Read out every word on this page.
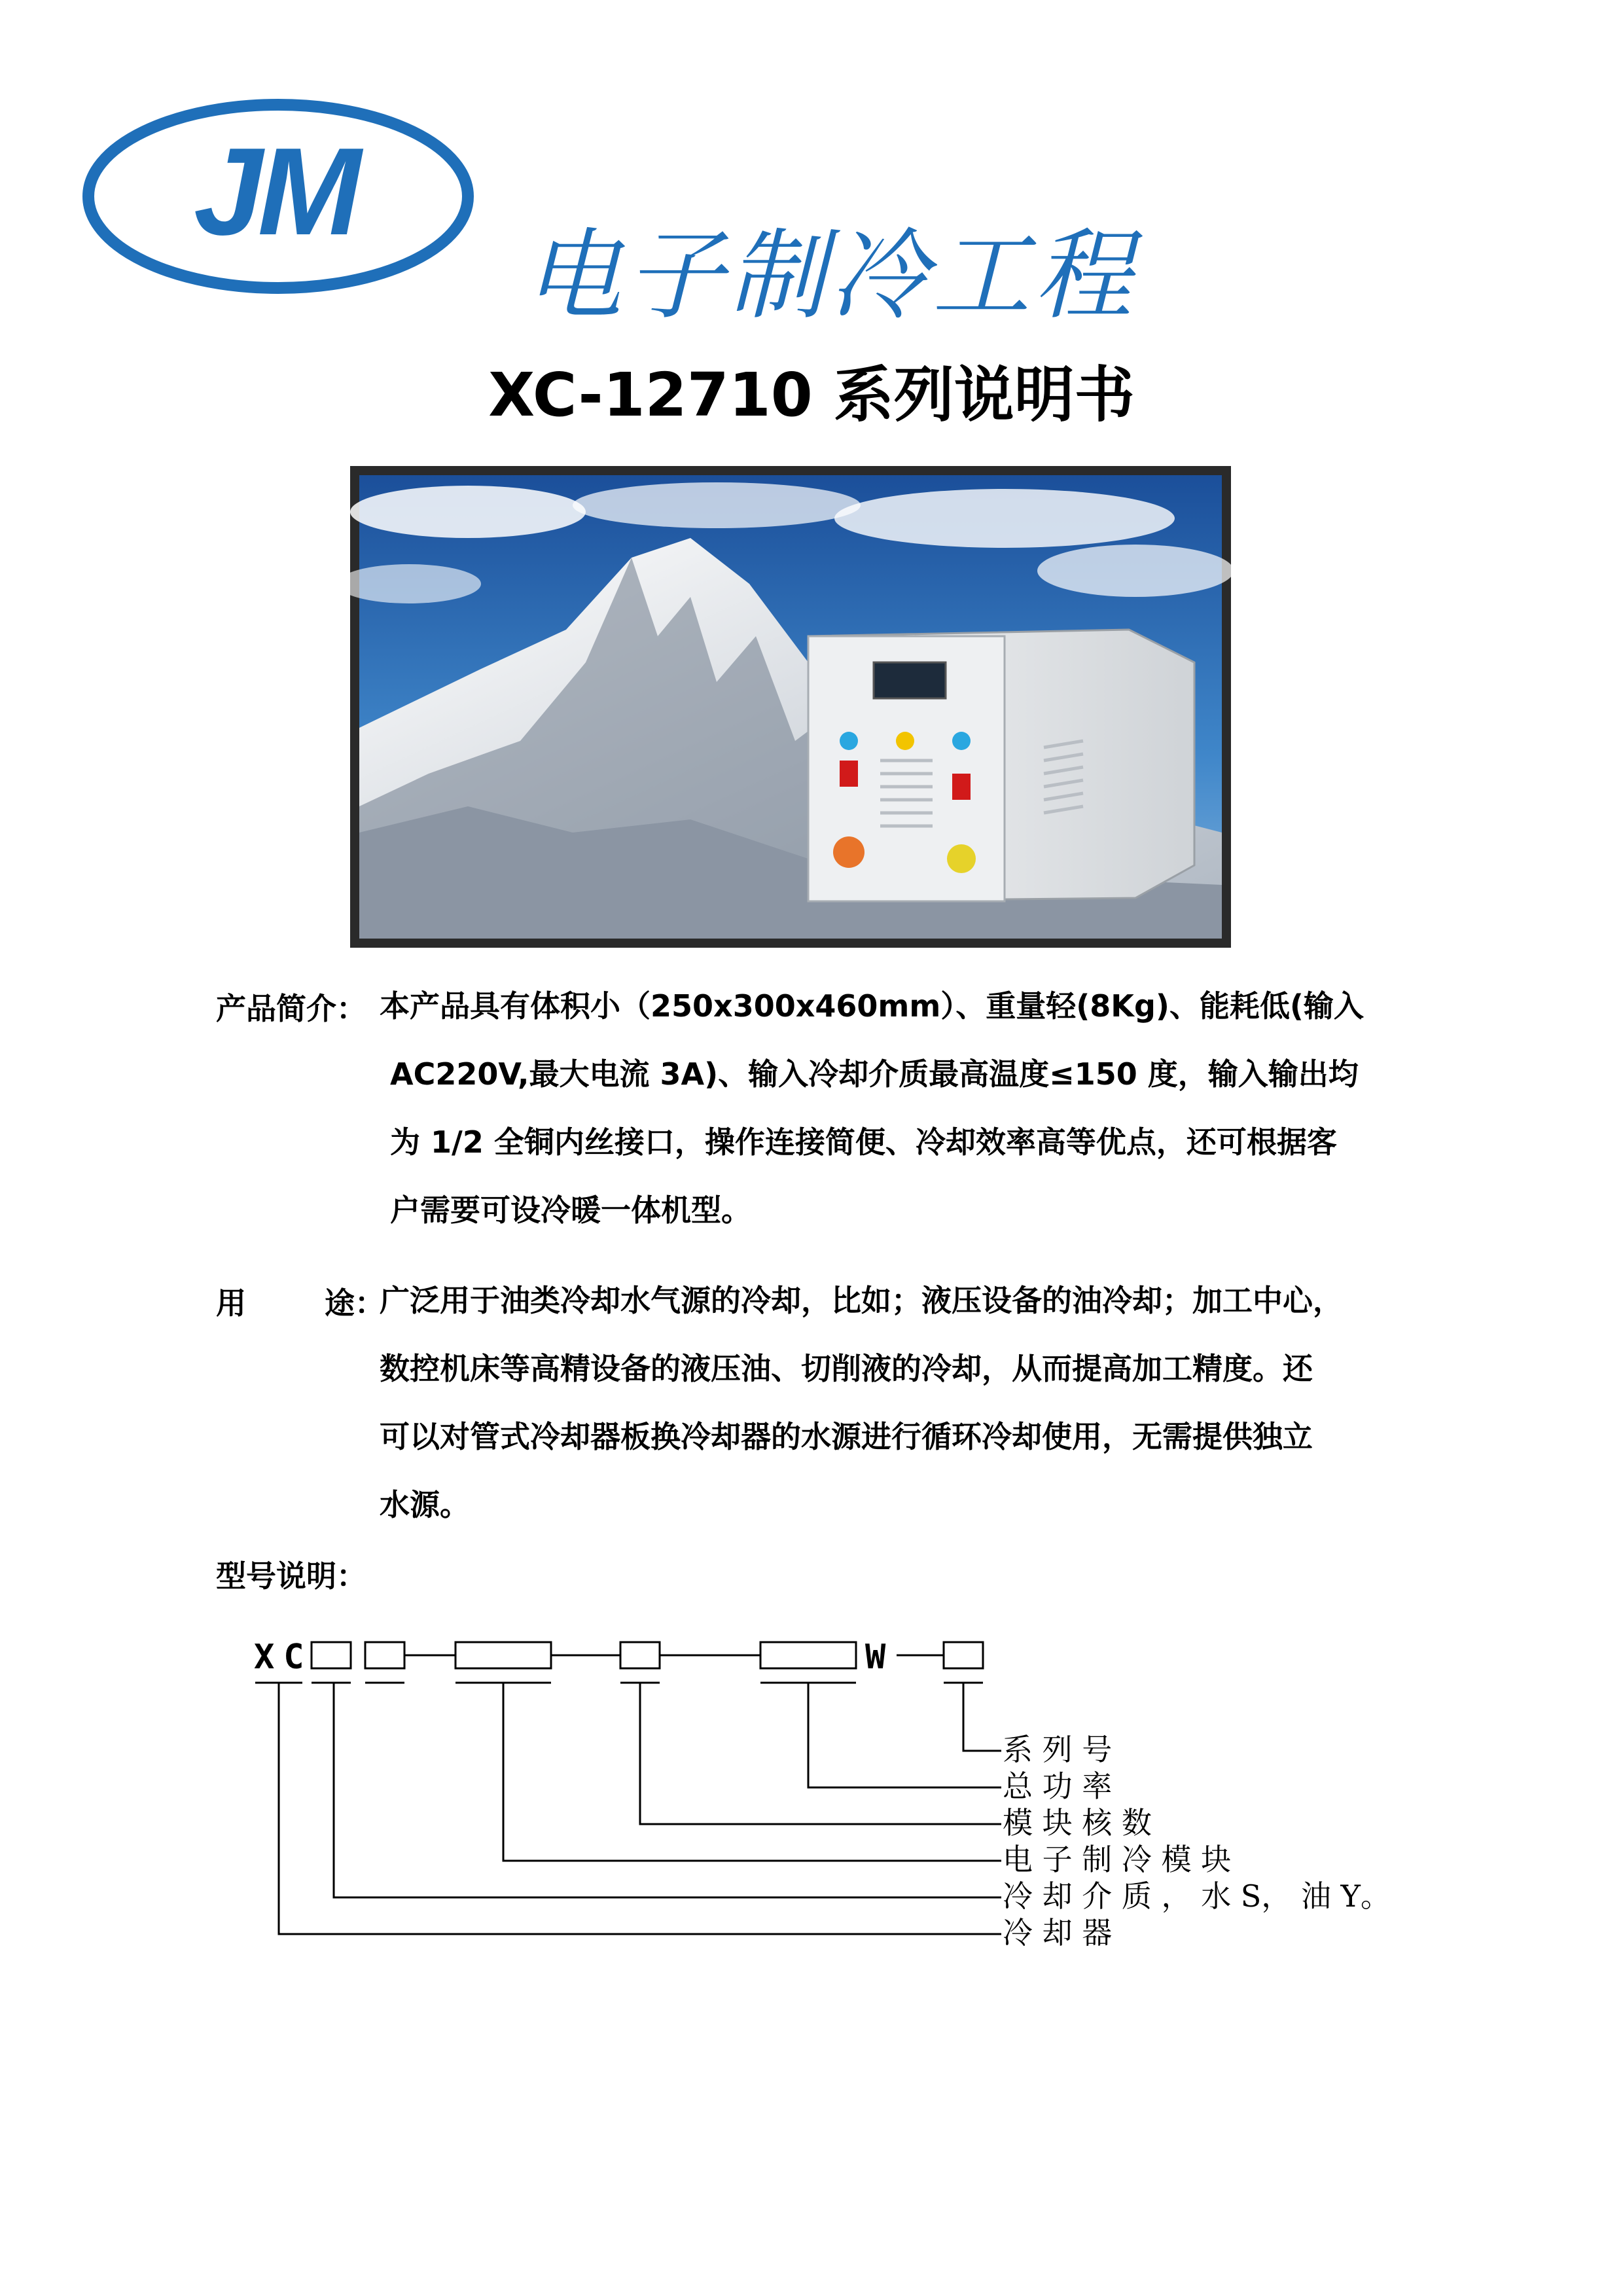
JM
电子制冷工程
XC-12710 系列说明书
产品简介： 本产品具有体积小（250x300x460mm）、重量轻(8Kg)、能耗低(输入
AC220V,最大电流 3A)、输入冷却介质最高温度≤150 度，输入输出均
为 1/2 全铜内丝接口，操作连接简便、冷却效率高等优点，还可根据客
户需要可设冷暖一体机型。
用	途：
广泛用于油类冷却水气源的冷却，比如；液压设备的油冷却；加工中心，
数控机床等高精设备的液压油、切削液的冷却，从而提高加工精度。还
可以对管式冷却器板换冷却器的水源进行循环冷却使用，无需提供独立
水源。
型号说明：
XC	W
系 列 号
总 功 率
模 块 核 数
电 子 制 冷 模 块
冷 却 介 质 ， 水 S， 油 Y。
冷 却 器
